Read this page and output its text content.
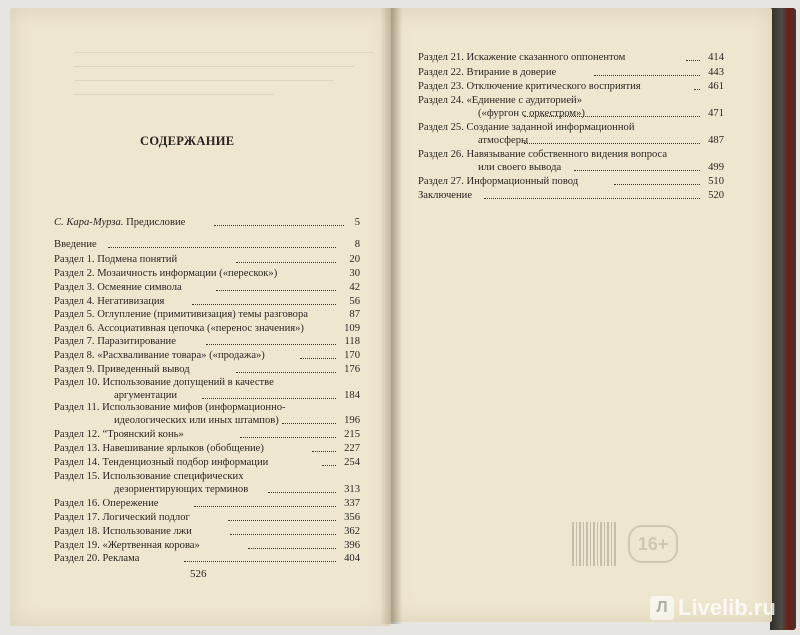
СОДЕРЖАНИЕ
С. Кара-Мурза. Предисловие	5
Введение	8
Раздел 1. Подмена понятий	20
Раздел 2. Мозаичность информации («перескок»)	30
Раздел 3. Осмеяние символа	42
Раздел 4. Негативизация	56
Раздел 5. Оглупление (примитивизация) темы разговора	87
Раздел 6. Ассоциативная цепочка («перенос значения»)	109
Раздел 7. Паразитирование	118
Раздел 8. «Расхваливание товара» («продажа»)	170
Раздел 9. Приведенный вывод	176
Раздел 10. Использование допущений в качестве
аргументации	184
Раздел 11. Использование мифов (информационно-
идеологических или иных штампов)	196
Раздел 12. “Троянский конь»	215
Раздел 13. Навешивание ярлыков (обобщение)	227
Раздел 14. Тенденциозный подбор информации	254
Раздел 15. Использование специфических
дезориентирующих терминов	313
Раздел 16. Опережение	337
Раздел 17. Логический подлог	356
Раздел 18. Использование лжи	362
Раздел 19. «Жертвенная корова»	396
Раздел 20. Реклама	404
526
Раздел 21. Искажение сказанного оппонентом	414
Раздел 22. Втирание в доверие	443
Раздел 23. Отключение критического восприятия	461
Раздел 24. «Единение с аудиторией»
(«фургон с оркестром»)	471
Раздел 25. Создание заданной информационной
атмосферы	487
Раздел 26. Навязывание собственного видения вопроса
или своего вывода	499
Раздел 27. Информационный повод	510
Заключение	520
16+
Л Livelib.ru
